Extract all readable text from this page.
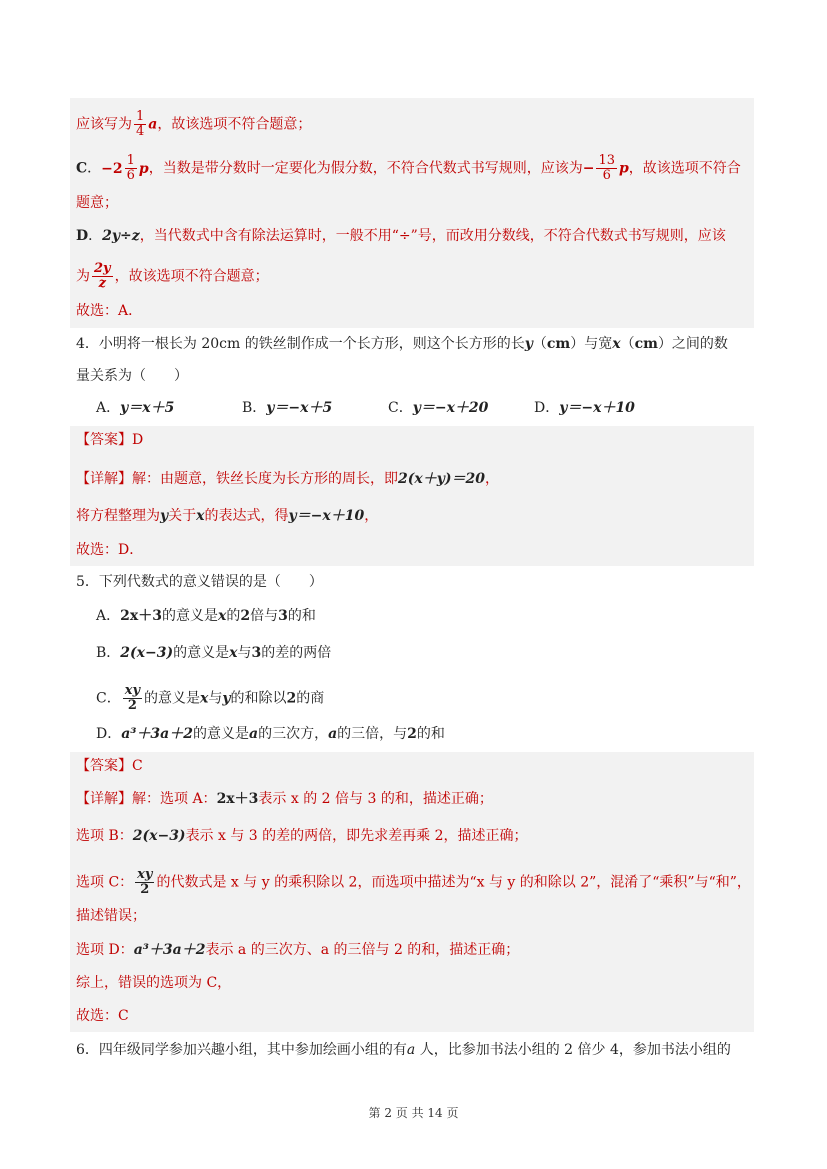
应该写为 $\frac{1}{4}$ a，故该选项不符合题意；
C． $-2 \frac{1}{6}$ p ，当数是带分数时一定要化为假分数，不符合代数式书写规则，应该为− $\frac{13}{6}$ p，故该选项不符合
题意；
D．2y÷z，当代数式中含有除法运算时，一般不用“÷”号，而改用分数线，不符合代数式书写规则，应该
为 $\frac{2y}{z}$ ，故该选项不符合题意；
故选：A．
4．小明将一根长为 20cm 的铁丝制作成一个长方形，则这个长方形的长y（cm）与宽x（cm）之间的数
量关系为（　　）
A．y＝x＋5	B．y＝−x＋5	C．y＝−x＋20	D．y＝−x＋10
【答案】D
【详解】解：由题意，铁丝长度为长方形的周长，即2(x＋y)＝20，
将方程整理为y关于x的表达式，得y＝−x＋10，
故选：D．
5．下列代数式的意义错误的是（　　）
A．2x＋3的意义是x的2倍与3的和
B．2(x−3)的意义是x与3的差的两倍
C． $\frac{xy}{2}$ 的意义是x与y的和除以2的商
D．a³＋3a＋2的意义是a的三次方，a的三倍，与2的和
【答案】C
【详解】解：选项 A：2x＋3表示 x 的 2 倍与 3 的和，描述正确；
选项 B：2(x−3)表示 x 与 3 的差的两倍，即先求差再乘 2，描述正确；
选项 C： $\frac{xy}{2}$ 的代数式是 x 与 y 的乘积除以 2，而选项中描述为“x 与 y 的和除以 2”，混淆了“乘积”与“和”，
描述错误；
选项 D：a³＋3a＋2表示 a 的三次方、a 的三倍与 2 的和，描述正确；
综上，错误的选项为 C，
故选：C
6．四年级同学参加兴趣小组，其中参加绘画小组的有a 人，比参加书法小组的 2 倍少 4，参加书法小组的
第 2 页 共 14 页
